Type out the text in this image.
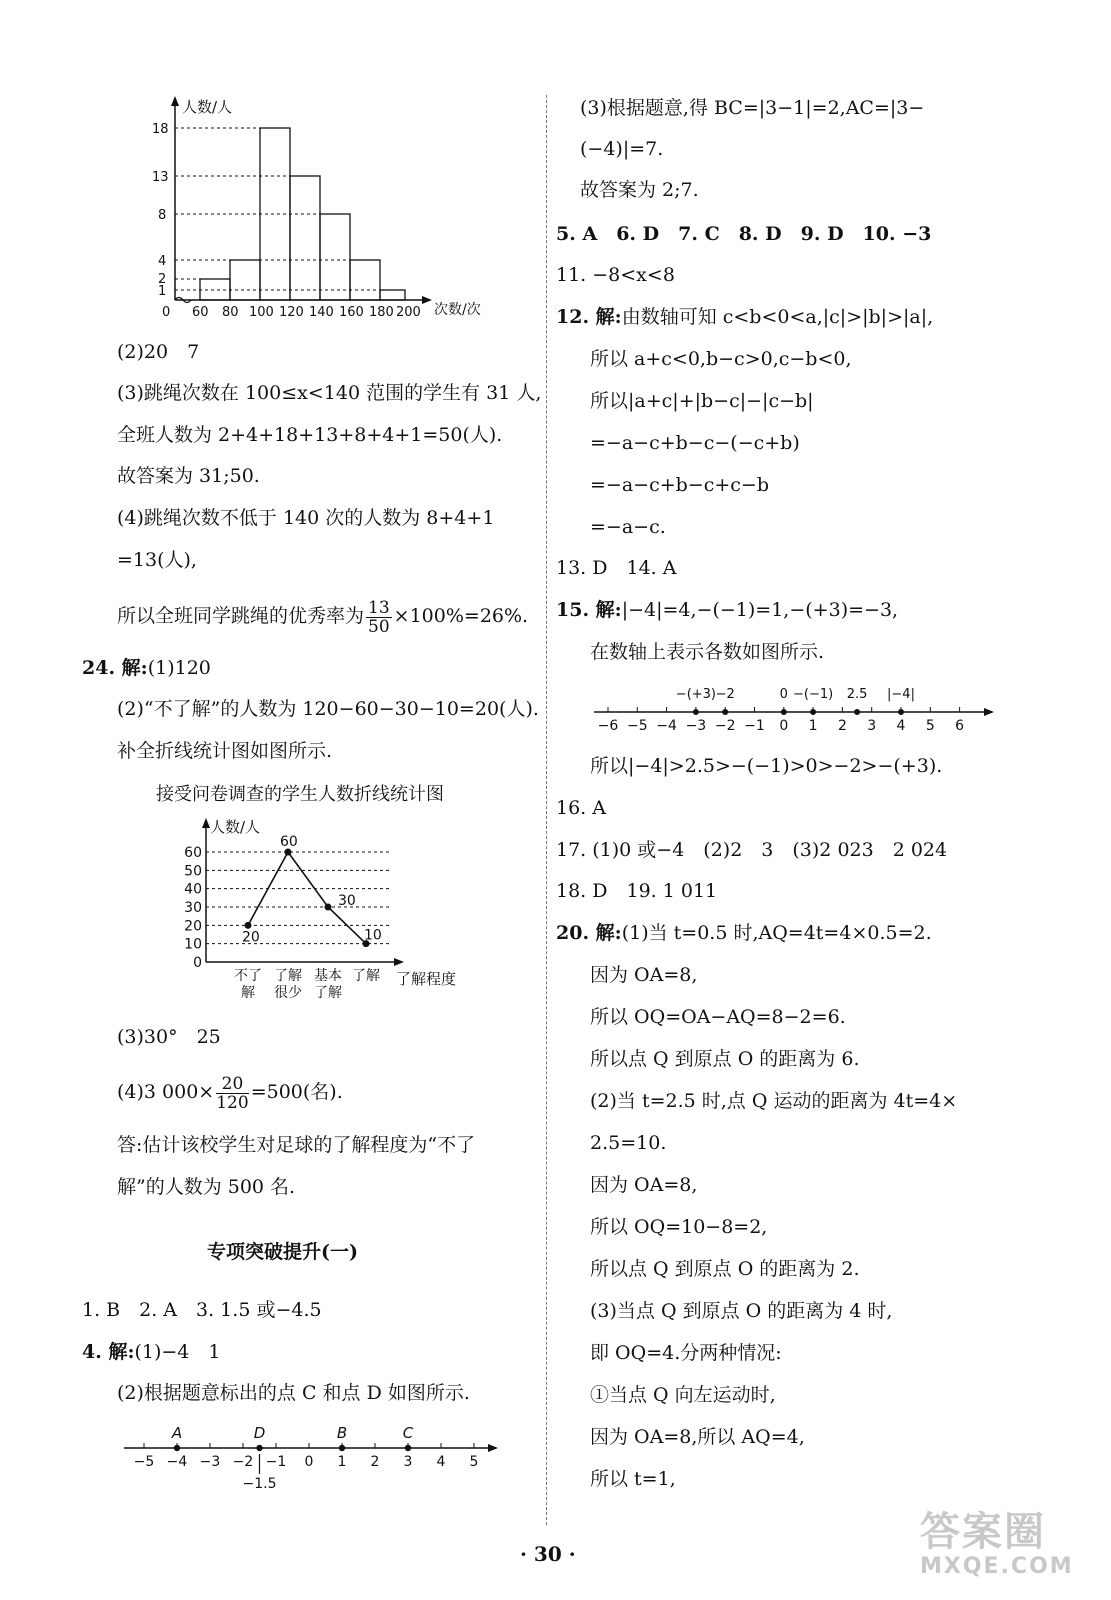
人数/人
次数/次
18
13
8
4
2
1
0 60 80 100 120 140 160 180 200
(2)20　7
(3)跳绳次数在 100≤x<140 范围的学生有 31 人,
全班人数为 2+4+18+13+8+4+1=50(人).
故答案为 31;50.
(4)跳绳次数不低于 140 次的人数为 8+4+1
=13(人),
所以全班同学跳绳的优秀率为 $\frac{13}{50} \times 100\%=26\%$.
24. 解:(1)120
(2)“不了解”的人数为 120−60−30−10=20(人).
补全折线统计图如图所示.
接受问卷调查的学生人数折线统计图
人数/人
了解程度
60
50
40
30
20
10
0
20
不了
解
60
了解
很少
30
基本
了解
10
了解
(3)30°　25
(4)3 $000\times \frac{20}{120} =500$(名).
答:估计该校学生对足球的了解程度为“不了
解”的人数为 500 名.
专项突破提升(一)
1. B　2. A　3. 1.5 或−4.5
4. 解:(1)−4　1
(2)根据题意标出的点 C 和点 D 如图所示.
−5 −4 −3 −2 −1 0 1 2 3 4 5
A	D	B	C
−1.5
(3)根据题意,得 BC=|3−1|=2,AC=|3−
(−4)|=7.
故答案为 2;7.
5. A　6. D　7. C　8. D　9. D　10. −3
11. −8<x<8
12. 解:由数轴可知 c<b<0<a,|c|>|b|>|a|,
所以 a+c<0,b−c>0,c−b<0,
所以|a+c|+|b−c|−|c−b|
=−a−c+b−c−(−c+b)
=−a−c+b−c+c−b
=−a−c.
13. D　14. A
15. 解:|−4|=4,−(−1)=1,−(+3)=−3,
在数轴上表示各数如图所示.
−6 −5 −4 −3 −2 −1 0 1 2 3 4 5 6
−(+3) −2	0 −(−1) 2.5 |−4|
所以|−4|>2.5>−(−1)>0>−2>−(+3).
16. A
17. (1)0 或−4　(2)2　3　(3)2 023　2 024
18. D　19. 1 011
20. 解:(1)当 t=0.5 时,AQ=4t=4×0.5=2.
因为 OA=8,
所以 OQ=OA−AQ=8−2=6.
所以点 Q 到原点 O 的距离为 6.
(2)当 t=2.5 时,点 Q 运动的距离为 4t=4×
2.5=10.
因为 OA=8,
所以 OQ=10−8=2,
所以点 Q 到原点 O 的距离为 2.
(3)当点 Q 到原点 O 的距离为 4 时,
即 OQ=4.分两种情况:
①当点 Q 向左运动时,
因为 OA=8,所以 AQ=4,
所以 t=1,
· 30 ·	答案圈
MXQE.COM
